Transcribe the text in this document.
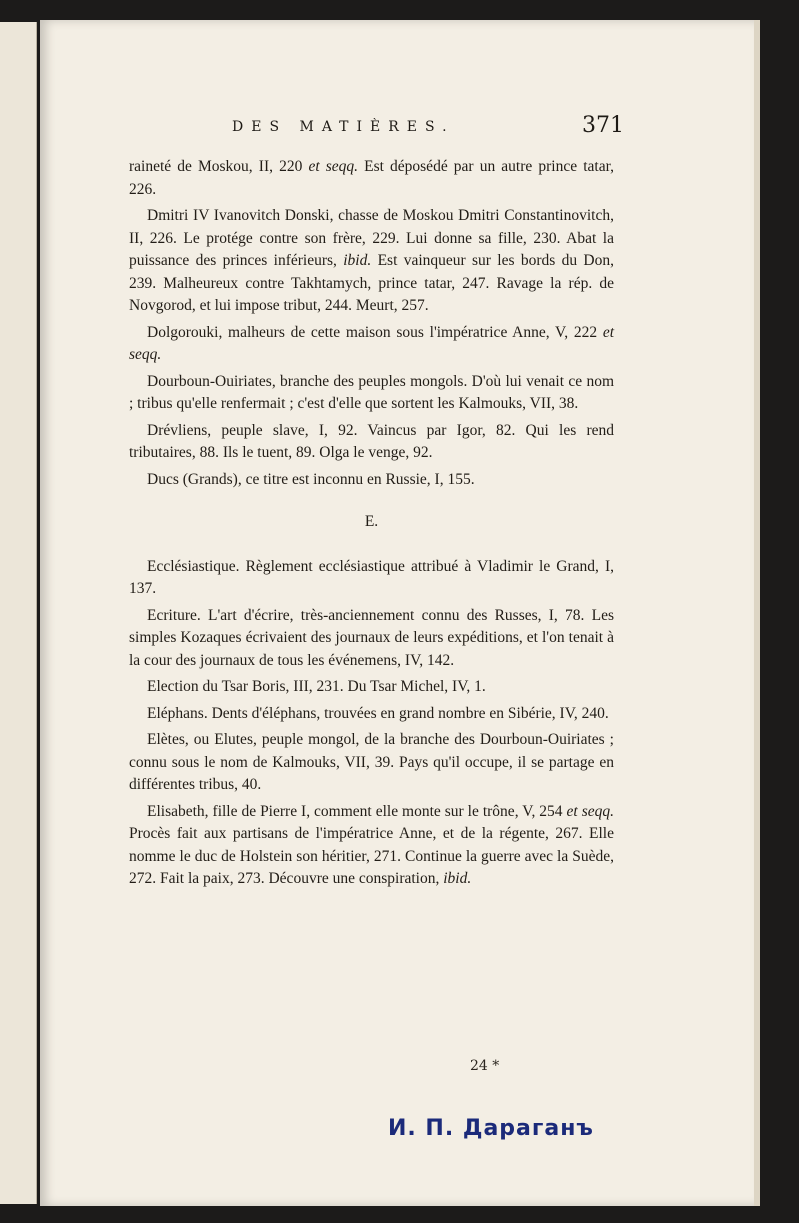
DES MATIÈRES.	371

raineté de Moskou, II, 220 et seqq. Est déposédé par un autre prince tatar, 226.

Dmitri IV Ivanovitch Donski, chasse de Moskou Dmitri Constantinovitch, II, 226. Le protége contre son frère, 229. Lui donne sa fille, 230. Abat la puissance des princes inférieurs, ibid. Est vainqueur sur les bords du Don, 239. Malheureux contre Takhtamych, prince tatar, 247. Ravage la rép. de Novgorod, et lui impose tribut, 244. Meurt, 257.

Dolgorouki, malheurs de cette maison sous l'impératrice Anne, V, 222 et seqq.

Dourboun-Ouiriates, branche des peuples mongols. D'où lui venait ce nom ; tribus qu'elle renfermait ; c'est d'elle que sortent les Kalmouks, VII, 38.

Drévliens, peuple slave, I, 92. Vaincus par Igor, 82. Qui les rend tributaires, 88. Ils le tuent, 89. Olga le venge, 92.

Ducs (Grands), ce titre est inconnu en Russie, I, 155.

E.

Ecclésiastique. Règlement ecclésiastique attribué à Vladimir le Grand, I, 137.

Ecriture. L'art d'écrire, très-anciennement connu des Russes, I, 78. Les simples Kozaques écrivaient des journaux de leurs expéditions, et l'on tenait à la cour des journaux de tous les événemens, IV, 142.

Election du Tsar Boris, III, 231. Du Tsar Michel, IV, 1.

Eléphans. Dents d'éléphans, trouvées en grand nombre en Sibérie, IV, 240.

Elètes, ou Elutes, peuple mongol, de la branche des Dourboun-Ouiriates ; connu sous le nom de Kalmouks, VII, 39. Pays qu'il occupe, il se partage en différentes tribus, 40.

Elisabeth, fille de Pierre I, comment elle monte sur le trône, V, 254 et seqq. Procès fait aux partisans de l'impératrice Anne, et de la régente, 267. Elle nomme le duc de Holstein son héritier, 271. Continue la guerre avec la Suède, 272. Fait la paix, 273. Découvre une conspiration, ibid.

24 *
И. П. Дараганъ
